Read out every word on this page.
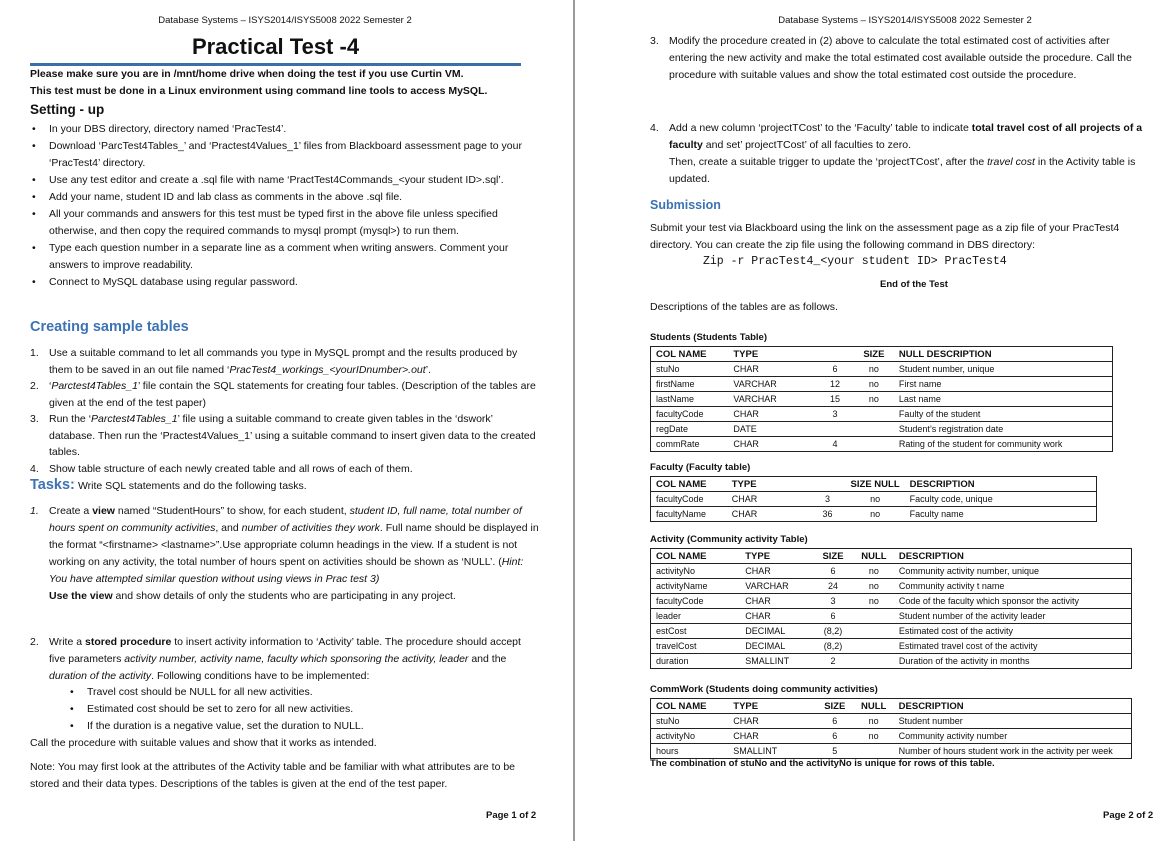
Database Systems – ISYS2014/ISYS5008 2022 Semester 2
Practical Test -4
Please make sure you are in /mnt/home drive when doing the test if you use Curtin VM.
This test must be done in a Linux environment using command line tools to access MySQL.
Setting - up
• In your DBS directory, directory named ‘PracTest4’.
• Download ‘ParcTest4Tables_’ and ‘Practest4Values_1’ files from Blackboard assessment page to your ‘PracTest4’ directory.
• Use any test editor and create a .sql file with name ‘PractTest4Commands_<your student ID>.sql’.
• Add your name, student ID and lab class as comments in the above .sql file.
• All your commands and answers for this test must be typed first in the above file unless specified otherwise, and then copy the required commands to mysql prompt (mysql>) to run them.
• Type each question number in a separate line as a comment when writing answers. Comment your answers to improve readability.
• Connect to MySQL database using regular password.
Creating sample tables
1. Use a suitable command to let all commands you type in MySQL prompt and the results produced by them to be saved in an out file named ‘PracTest4_workings_<yourIDnumber>.out’.
2. ‘Parctest4Tables_1’ file contain the SQL statements for creating four tables. (Description of the tables are given at the end of the test paper)
3. Run the ‘Parctest4Tables_1’ file using a suitable command to create given tables in the ‘dswork’ database. Then run the ‘Practest4Values_1’ using a suitable command to insert given data to the created tables.
4. Show table structure of each newly created table and all rows of each of them.
Tasks: Write SQL statements and do the following tasks.
1. Create a view named “StudentHours” to show, for each student, student ID, full name, total number of hours spent on community activities, and number of activities they work. Full name should be displayed in the format “<firstname> <lastname>”.Use appropriate column headings in the view. If a student is not working on any activity, the total number of hours spent on activities should be shown as ‘NULL’. (Hint: You have attempted similar question without using views in Prac test 3)
Use the view and show details of only the students who are participating in any project.
2. Write a stored procedure to insert activity information to ‘Activity’ table. The procedure should accept five parameters activity number, activity name, faculty which sponsoring the activity, leader and the duration of the activity. Following conditions have to be implemented:
• Travel cost should be NULL for all new activities.
• Estimated cost should be set to zero for all new activities.
• If the duration is a negative value, set the duration to NULL.
Call the procedure with suitable values and show that it works as intended.
Note: You may first look at the attributes of the Activity table and be familiar with what attributes are to be stored and their data types. Descriptions of the tables is given at the end of the test paper.
Page 1 of 2
Database Systems – ISYS2014/ISYS5008 2022 Semester 2
3. Modify the procedure created in (2) above to calculate the total estimated cost of activities after entering the new activity and make the total estimated cost available outside the procedure. Call the procedure with suitable values and show the total estimated cost outside the procedure.
4. Add a new column ‘projectTCost’ to the ‘Faculty’ table to indicate total travel cost of all projects of a faculty and set’ projectTCost’ of all faculties to zero.
Then, create a suitable trigger to update the ‘projectTCost’, after the travel cost in the Activity table is updated.
Submission
Submit your test via Blackboard using the link on the assessment page as a zip file of your PracTest4 directory. You can create the zip file using the following command in DBS directory:
Zip -r PracTest4_<your student ID> PracTest4
End of the Test
Descriptions of the tables are as follows.
Students (Students Table)
COL NAME	TYPE		SIZE	NULL DESCRIPTION
stuNo	CHAR	6	no	Student number, unique
firstName	VARCHAR	12	no	First name
lastName	VARCHAR	15	no	Last name
facultyCode	CHAR	3		Faulty of the student
regDate	DATE			Student’s registration date
commRate	CHAR	4		Rating of the student for community work
Faculty (Faculty table)
COL NAME	TYPE		SIZE NULL	DESCRIPTION
facultyCode	CHAR	3	no	Faculty code, unique
facultyName	CHAR	36	no	Faculty name
Activity (Community activity Table)
COL NAME	TYPE	SIZE	NULL	DESCRIPTION
activityNo	CHAR	6	no	Community activity number, unique
activityName	VARCHAR	24	no	Community activity t name
facultyCode	CHAR	3	no	Code of the faculty which sponsor the activity
leader	CHAR	6		Student number of the activity leader
estCost	DECIMAL	(8,2)		Estimated cost of the activity
travelCost	DECIMAL	(8,2)		Estimated travel cost of the activity
duration	SMALLINT	2		Duration of the activity in months
CommWork (Students doing community activities)
COL NAME	TYPE	SIZE	NULL	DESCRIPTION
stuNo	CHAR	6	no	Student number
activityNo	CHAR	6	no	Community activity number
hours	SMALLINT	5		Number of hours student work in the activity per week
The combination of stuNo and the activityNo is unique for rows of this table.
Page 2 of 2
